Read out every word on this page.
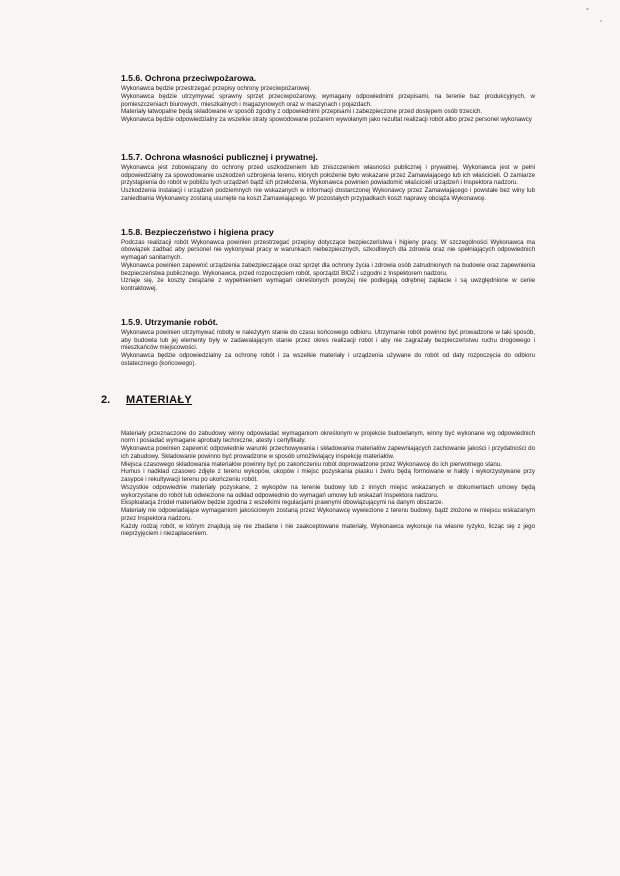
1.5.6. Ochrona przeciwpożarowa.

Wykonawca będzie przestrzegać przepisy ochrony przeciwpożarowej.

Wykonawca będzie utrzymywać sprawny sprzęt przeciwpożarowy, wymagany odpowiednimi przepisami, na terenie baz produkcyjnych, w pomieszczeniach biurowych, mieszkalnych i magazynowych oraz w maszynach i pojazdach.

Materiały łatwopalne będą składowane w sposób zgodny z odpowiednimi przepisami i zabezpieczone przed dostępem osób trzecich.

Wykonawca będzie odpowiedzialny za wszelkie straty spowodowane pożarem wywołanym jako rezultat realizacji robót albo przez personel wykonawcy

1.5.7. Ochrona własności publicznej i prywatnej.

Wykonawca jest zobowiązany do ochrony przed uszkodzeniem lub zniszczeniem własności publicznej i prywatnej. Wykonawca jest w pełni odpowiedzialny za spowodowanie uszkodzeń uzbrojenia terenu, których położenie było wskazane przez Zamawiającego lub ich właścicieli. O zamiarze przystąpienia do robót w pobliżu tych urządzeń bądź ich przełożenia, Wykonawca powinien powiadomić właścicieli urządzeń i Inspektora nadzoru.

Uszkodzenia instalacji i urządzeń podziemnych nie wskazanych w informacji dostarczonej Wykonawcy przez Zamawiającego i powstałe bez winy lub zaniedbania Wykonawcy zostaną usunięte na koszt Zamawiającego. W pozostałych przypadkach koszt naprawy obciąża Wykonawcę.

1.5.8. Bezpieczeństwo i higiena pracy

Podczas realizacji robót Wykonawca powinien przestrzegać przepisy dotyczące bezpieczeństwa i higieny pracy. W szczególności Wykonawca ma obowiązek zadbać aby personel nie wykonywał pracy w warunkach niebezpiecznych, szkodliwych dla zdrowia oraz nie spełniających odpowiednich wymagań sanitarnych.

Wykonawca powinien zapewnić urządzenia zabezpieczające oraz sprzęt dla ochrony życia i zdrowia osób zatrudnionych na budowie oraz zapewnienia bezpieczeństwa publicznego. Wykonawca, przed rozpoczęciem robót, sporządzi BIOZ i uzgodni z Inspektorem nadzoru.

Uznaje się, że koszty związane z wypełnieniem wymagań określonych powyżej nie podlegają odrębnej zapłacie i są uwzględnione w cenie kontraktowej.

1.5.9. Utrzymanie robót.

Wykonawca powinien utrzymywać roboty w należytym stanie do czasu końcowego odbioru. Utrzymanie robót powinno być prowadzone w taki sposób, aby budowla lub jej elementy były w zadawalającym stanie przez okres realizacji robót i aby nie zagrażały bezpieczeństwu ruchu drogowego i mieszkańców miejscowości.

Wykonawca będzie odpowiedzialny za ochronę robót i za wszelkie materiały i urządzenia używane do robót od daty rozpoczęcia do odbioru ostatecznego (końcowego).

2.	MATERIAŁY

Materiały przeznaczone do zabudowy winny odpowiadać wymaganiom określonym w projekcie budowlanym, winny być wykonane wg odpowiednich norm i posiadać wymagane aprobaty techniczne, atesty i certyfikaty.

Wykonawca powinien zapewnić odpowiednie warunki przechowywania i składowania materiałów zapewniających zachowanie jakości i przydatności do ich zabudowy. Składowanie powinno być prowadzone w sposób umożliwiający inspekcję materiałów.

Miejsca czasowego składowania materiałów powinny być po zakończeniu robót doprowadzone przez Wykonawcę do ich pierwotnego stanu.

Humus i nadkład czasowo zdjęte z terenu wykopów, ukopów i miejsc pozyskania piasku i żwiru będą formowane w hałdy i wykorzystywane przy zasypce i rekultywacji terenu po ukończeniu robót.

Wszystkie odpowiednie materiały pozyskane, z wykopów na terenie budowy lub z innych miejsc wskazanych w dokumentach umowy będą wykorzystane do robót lub odwiezione na odkład odpowiednio do wymagań umowy lub wskazań Inspektora nadzoru.

Eksploatacja źródeł materiałów będzie zgodna z wszelkimi regulacjami prawnymi obowiązującymi na danym obszarze.

Materiały nie odpowiadające wymaganiom jakościowym zostaną przez Wykonawcę wywiezione z terenu budowy, bądź złożone w miejscu wskazanym przez Inspektora nadzoru.

Każdy rodzaj robót, w którym znajdują się nie zbadane i nie zaakceptowane materiały, Wykonawca wykonuje na własne ryzyko, licząc się z jego nieprzyjęciem i niezapłaceniem.
